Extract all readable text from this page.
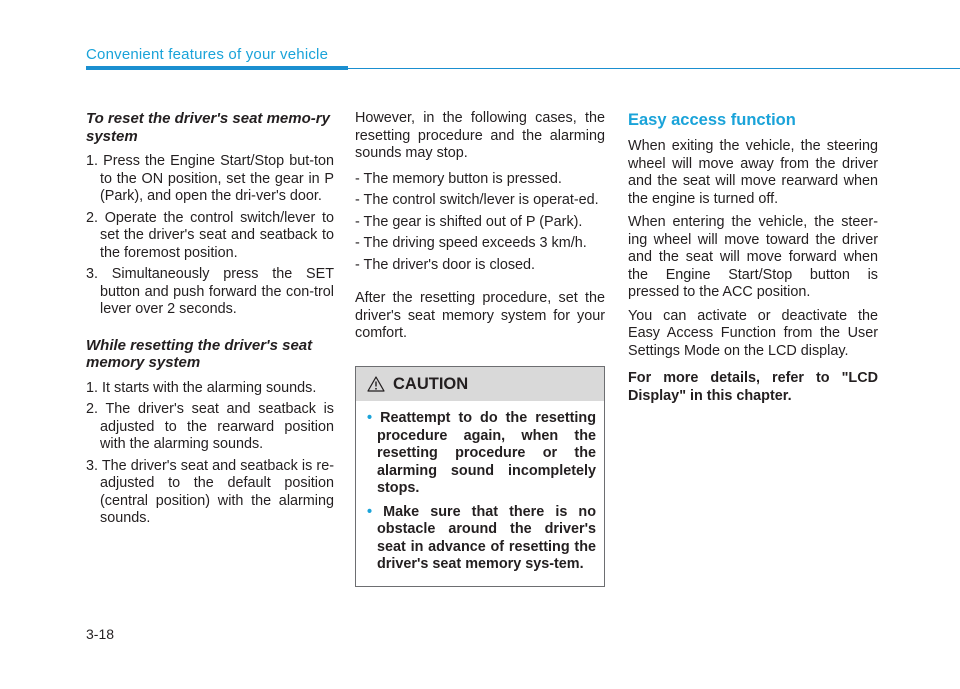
Convenient features of your vehicle
To reset the driver's seat memo-ry system
1. Press the Engine Start/Stop but-ton to the ON position, set the gear in P (Park), and open the dri-ver's door.
2. Operate the control switch/lever to set the driver's seat and seatback to the foremost position.
3. Simultaneously press the SET button and push forward the con-trol lever over 2 seconds.
While resetting the driver's seat memory system
1. It starts with the alarming sounds.
2. The driver's seat and seatback is adjusted to the rearward position with the alarming sounds.
3. The driver's seat and seatback is re-adjusted to the default position (central position) with the alarming sounds.

However, in the following cases, the resetting procedure and the alarming sounds may stop.

- The memory button is pressed.
- The control switch/lever is operat-ed.
- The gear is shifted out of P (Park).
- The driving speed exceeds 3 km/h.
- The driver's door is closed.

After the resetting procedure, set the driver's seat memory system for your comfort.

CAUTION
• Reattempt to do the resetting procedure again, when the resetting procedure or the alarming sound incompletely stops.
• Make sure that there is no obstacle around the driver's seat in advance of resetting the driver's seat memory sys-tem.
Easy access function

When exiting the vehicle, the steering wheel will move away from the driver and the seat will move rearward when the engine is turned off.

When entering the vehicle, the steer-ing wheel will move toward the driver and the seat will move forward when the Engine Start/Stop button is pressed to the ACC position.

You can activate or deactivate the Easy Access Function from the User Settings Mode on the LCD display.

For more details, refer to "LCD Display" in this chapter.

3-18
